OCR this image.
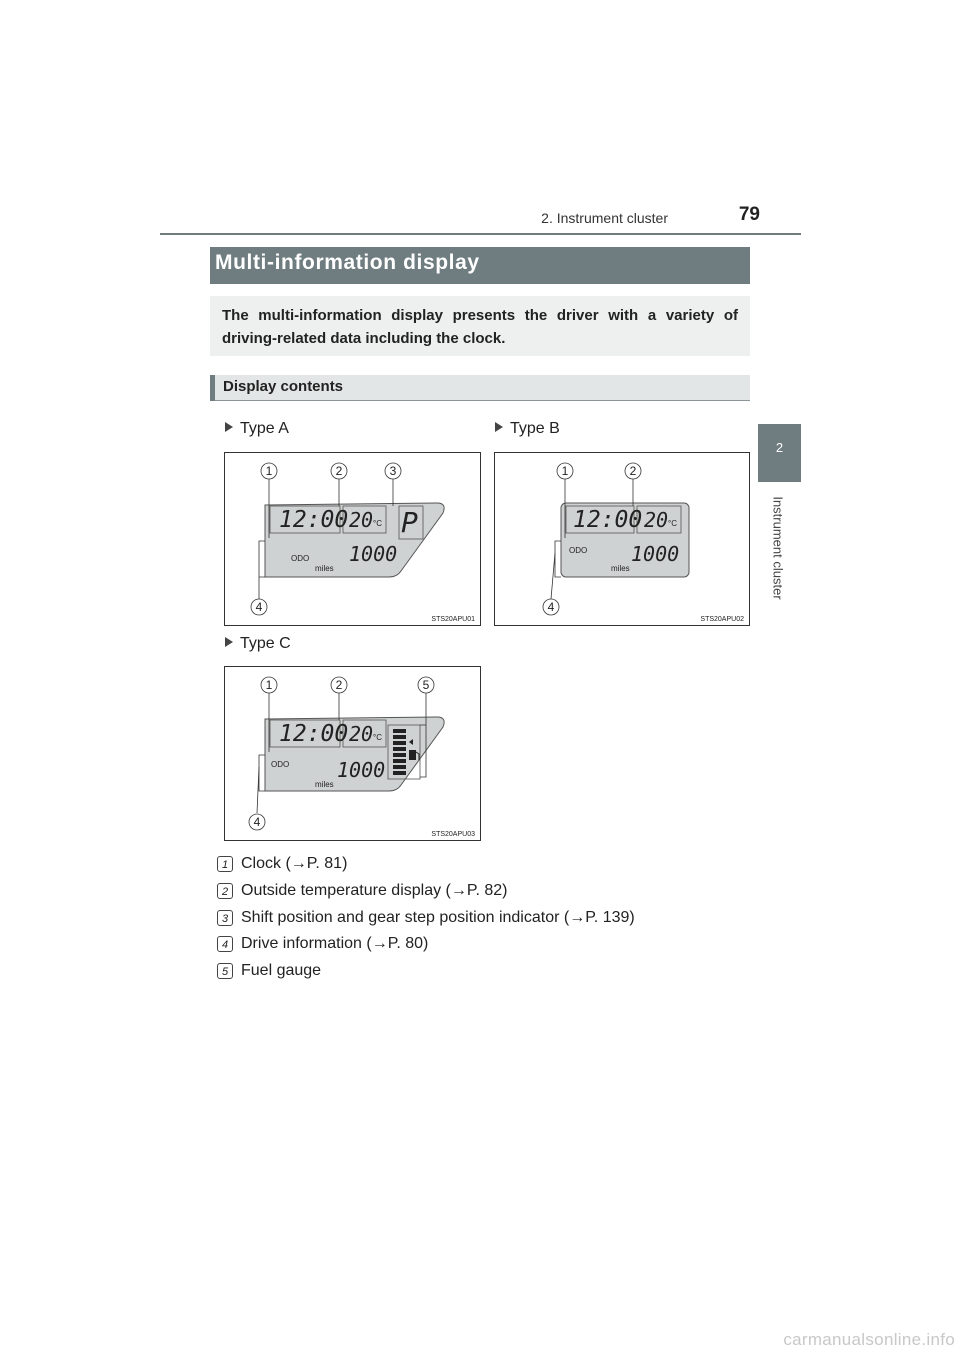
2. Instrument cluster	79
2
Instrument cluster
Multi-information display
The multi-information display presents the driver with a variety of driving-related data including the clock.
Display contents
Type A	Type B
Type C
12:00 20 °C P
ODO 1000
miles
1	2	3
4
STS20APU01
12:00 20 °C
ODO 1000
miles
1	2
4
STS20APU02
12:00 20 °C
ODO 1000
miles
1	2	5
4
STS20APU03
1 Clock (→P. 81)
2 Outside temperature display (→P. 82)
3 Shift position and gear step position indicator (→P. 139)
4 Drive information (→P. 80)
5 Fuel gauge
carmanualsonline.info
